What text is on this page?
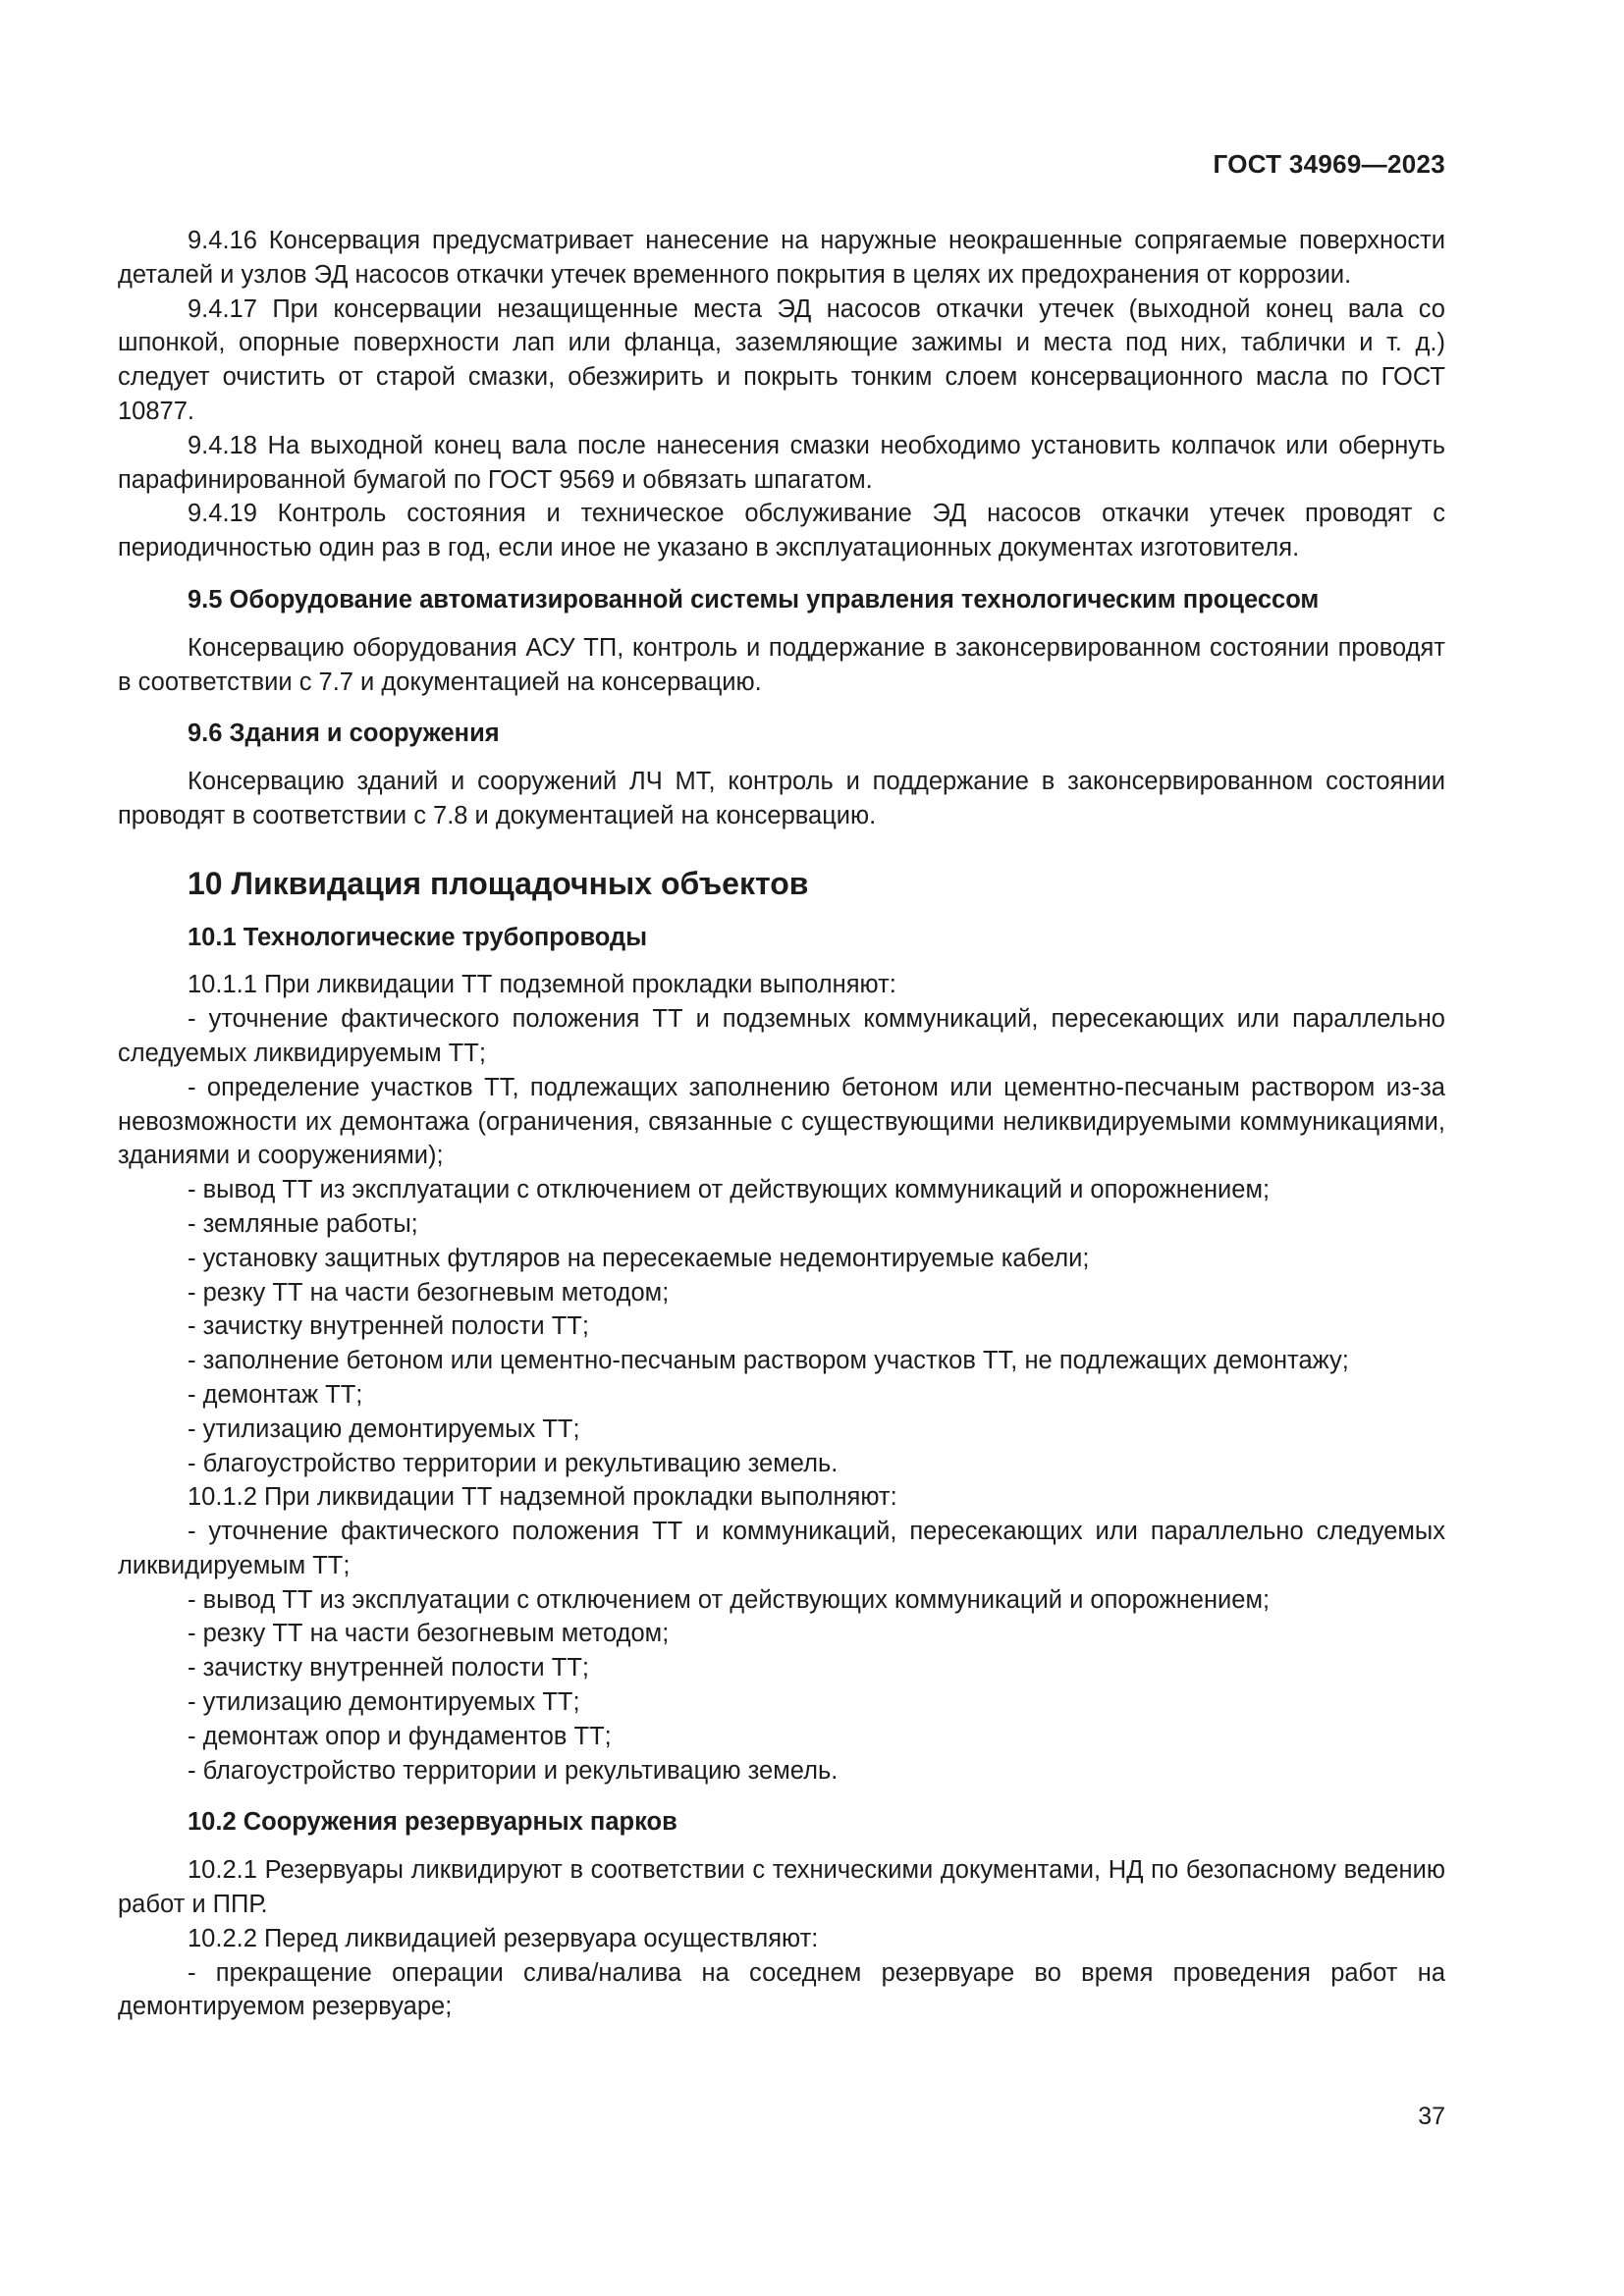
ГОСТ 34969—2023

9.4.16 Консервация предусматривает нанесение на наружные неокрашенные сопрягаемые поверхности деталей и узлов ЭД насосов откачки утечек временного покрытия в целях их предохранения от коррозии.

9.4.17 При консервации незащищенные места ЭД насосов откачки утечек (выходной конец вала со шпонкой, опорные поверхности лап или фланца, заземляющие зажимы и места под них, таблички и т. д.) следует очистить от старой смазки, обезжирить и покрыть тонким слоем консервационного масла по ГОСТ 10877.

9.4.18 На выходной конец вала после нанесения смазки необходимо установить колпачок или обернуть парафинированной бумагой по ГОСТ 9569 и обвязать шпагатом.

9.4.19 Контроль состояния и техническое обслуживание ЭД насосов откачки утечек проводят с периодичностью один раз в год, если иное не указано в эксплуатационных документах изготовителя.

9.5 Оборудование автоматизированной системы управления технологическим процессом

Консервацию оборудования АСУ ТП, контроль и поддержание в законсервированном состоянии проводят в соответствии с 7.7 и документацией на консервацию.

9.6 Здания и сооружения

Консервацию зданий и сооружений ЛЧ МТ, контроль и поддержание в законсервированном состоянии проводят в соответствии с 7.8 и документацией на консервацию.

10 Ликвидация площадочных объектов

10.1 Технологические трубопроводы

10.1.1 При ликвидации ТТ подземной прокладки выполняют:

- уточнение фактического положения ТТ и подземных коммуникаций, пересекающих или параллельно следуемых ликвидируемым ТТ;

- определение участков ТТ, подлежащих заполнению бетоном или цементно-песчаным раствором из-за невозможности их демонтажа (ограничения, связанные с существующими неликвидируемыми коммуникациями, зданиями и сооружениями);

- вывод ТТ из эксплуатации с отключением от действующих коммуникаций и опорожнением;

- земляные работы;

- установку защитных футляров на пересекаемые недемонтируемые кабели;

- резку ТТ на части безогневым методом;

- зачистку внутренней полости ТТ;

- заполнение бетоном или цементно-песчаным раствором участков ТТ, не подлежащих демонтажу;

- демонтаж ТТ;

- утилизацию демонтируемых ТТ;

- благоустройство территории и рекультивацию земель.

10.1.2 При ликвидации ТТ надземной прокладки выполняют:

- уточнение фактического положения ТТ и коммуникаций, пересекающих или параллельно следуемых ликвидируемым ТТ;

- вывод ТТ из эксплуатации с отключением от действующих коммуникаций и опорожнением;

- резку ТТ на части безогневым методом;

- зачистку внутренней полости ТТ;

- утилизацию демонтируемых ТТ;

- демонтаж опор и фундаментов ТТ;

- благоустройство территории и рекультивацию земель.

10.2 Сооружения резервуарных парков

10.2.1 Резервуары ликвидируют в соответствии с техническими документами, НД по безопасному ведению работ и ППР.

10.2.2 Перед ликвидацией резервуара осуществляют:

- прекращение операции слива/налива на соседнем резервуаре во время проведения работ на демонтируемом резервуаре;

37
